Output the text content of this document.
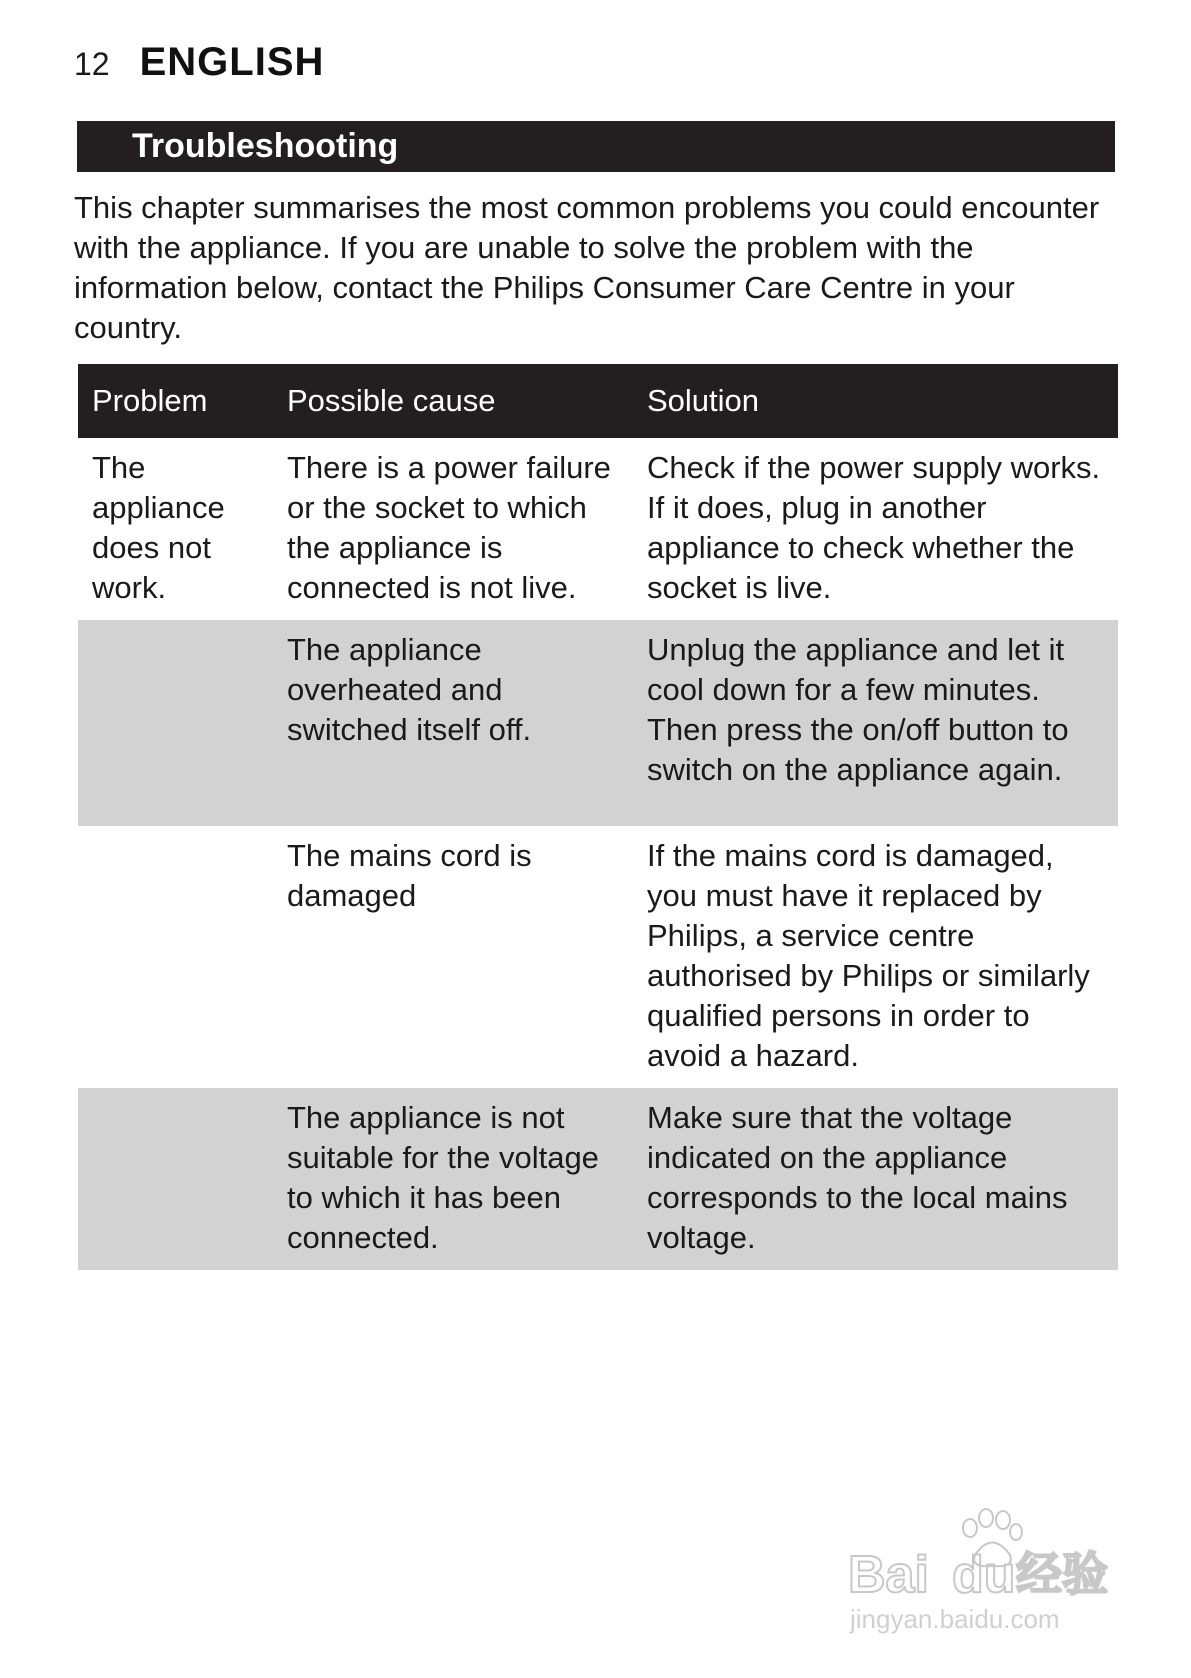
12 ENGLISH
Troubleshooting

This chapter summarises the most common problems you could encounter with the appliance. If you are unable to solve the problem with the information below, contact the Philips Consumer Care Centre in your country.

Problem	Possible cause	Solution
The appliance does not work.	There is a power failure or the socket to which the appliance is connected is not live.	Check if the power supply works. If it does, plug in another appliance to check whether the socket is live.
	The appliance overheated and switched itself off.	Unplug the appliance and let it cool down for a few minutes. Then press the on/off button to switch on the appliance again.
	The mains cord is damaged	If the mains cord is damaged, you must have it replaced by Philips, a service centre authorised by Philips or similarly qualified persons in order to avoid a hazard.
	The appliance is not suitable for the voltage to which it has been connected.	Make sure that the voltage indicated on the appliance corresponds to the local mains voltage.
Bai du 经验
jingyan.baidu.com
